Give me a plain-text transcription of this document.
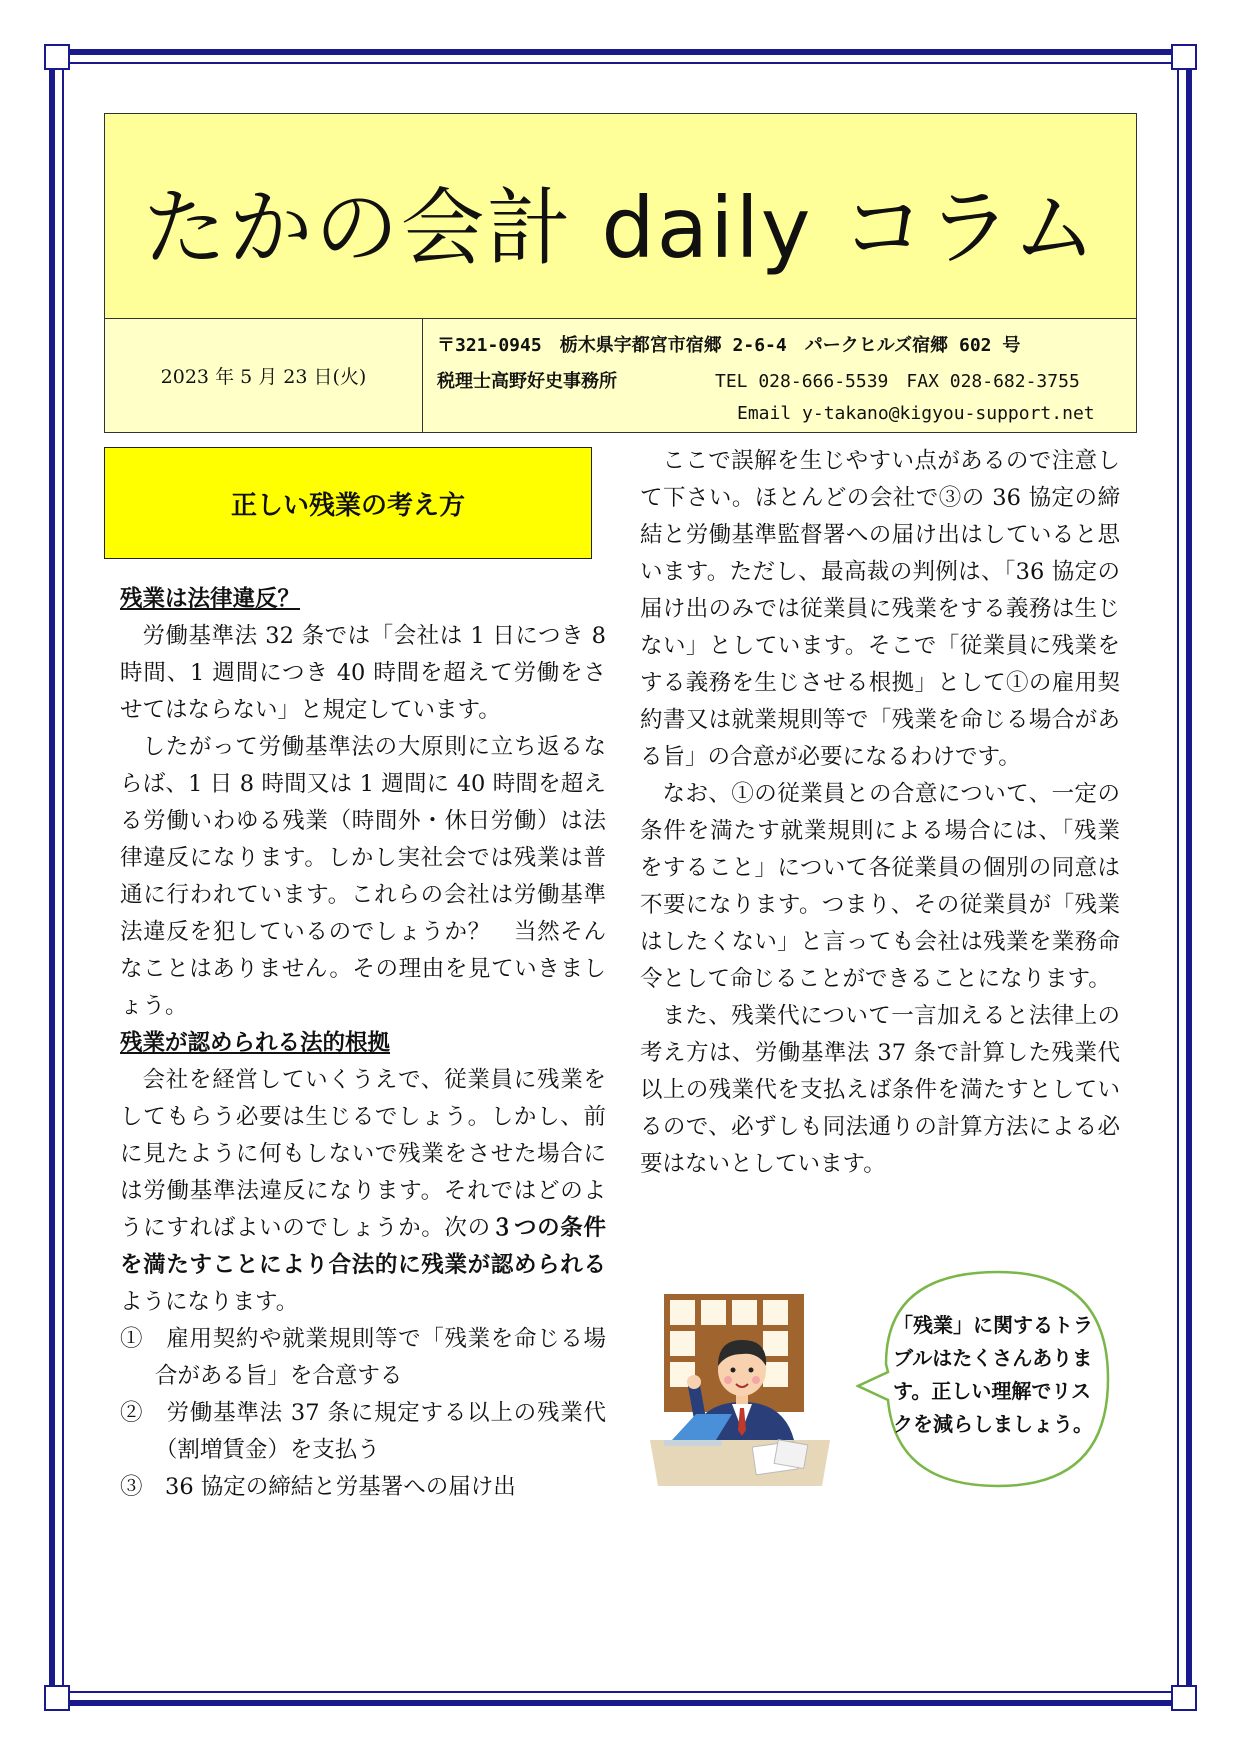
たかの会計 daily コラム
2023 年 5 月 23 日(火)
〒321-0945　栃木県宇都宮市宿郷 2-6-4　パークヒルズ宿郷 602 号
税理士高野好史事務所	TEL 028-666-5539　FAX 028-682-3755
Email y-takano@kigyou-support.net
正しい残業の考え方

残業は法律違反？

労働基準法 32 条では「会社は 1 日につき 8 時間、1 週間につき 40 時間を超えて労働をさせてはならない」と規定しています。

したがって労働基準法の大原則に立ち返るならば、1 日 8 時間又は 1 週間に 40 時間を超える労働いわゆる残業（時間外・休日労働）は法律違反になります。しかし実社会では残業は普通に行われています。これらの会社は労働基準法違反を犯しているのでしょうか？　当然そんなことはありません。その理由を見ていきましょう。

残業が認められる法的根拠

会社を経営していくうえで、従業員に残業をしてもらう必要は生じるでしょう。しかし、前に見たように何もしないで残業をさせた場合には労働基準法違反になります。それではどのようにすればよいのでしょうか。次の３つの条件を満たすことにより合法的に残業が認められるようになります。

①　雇用契約や就業規則等で「残業を命じる場合がある旨」を合意する

②　労働基準法 37 条に規定する以上の残業代（割増賃金）を支払う

③　36 協定の締結と労基署への届け出

ここで誤解を生じやすい点があるので注意して下さい。ほとんどの会社で③の 36 協定の締結と労働基準監督署への届け出はしていると思います。ただし、最高裁の判例は、「36 協定の届け出のみでは従業員に残業をする義務は生じない」としています。そこで「従業員に残業をする義務を生じさせる根拠」として①の雇用契約書又は就業規則等で「残業を命じる場合がある旨」の合意が必要になるわけです。

なお、①の従業員との合意について、一定の条件を満たす就業規則による場合には、「残業をすること」について各従業員の個別の同意は不要になります。つまり、その従業員が「残業はしたくない」と言っても会社は残業を業務命令として命じることができることになります。

また、残業代について一言加えると法律上の考え方は、労働基準法 37 条で計算した残業代以上の残業代を支払えば条件を満たすとしているので、必ずしも同法通りの計算方法による必要はないとしています。

「残業」に関するトラブルはたくさんあります。正しい理解でリスクを減らしましょう。
